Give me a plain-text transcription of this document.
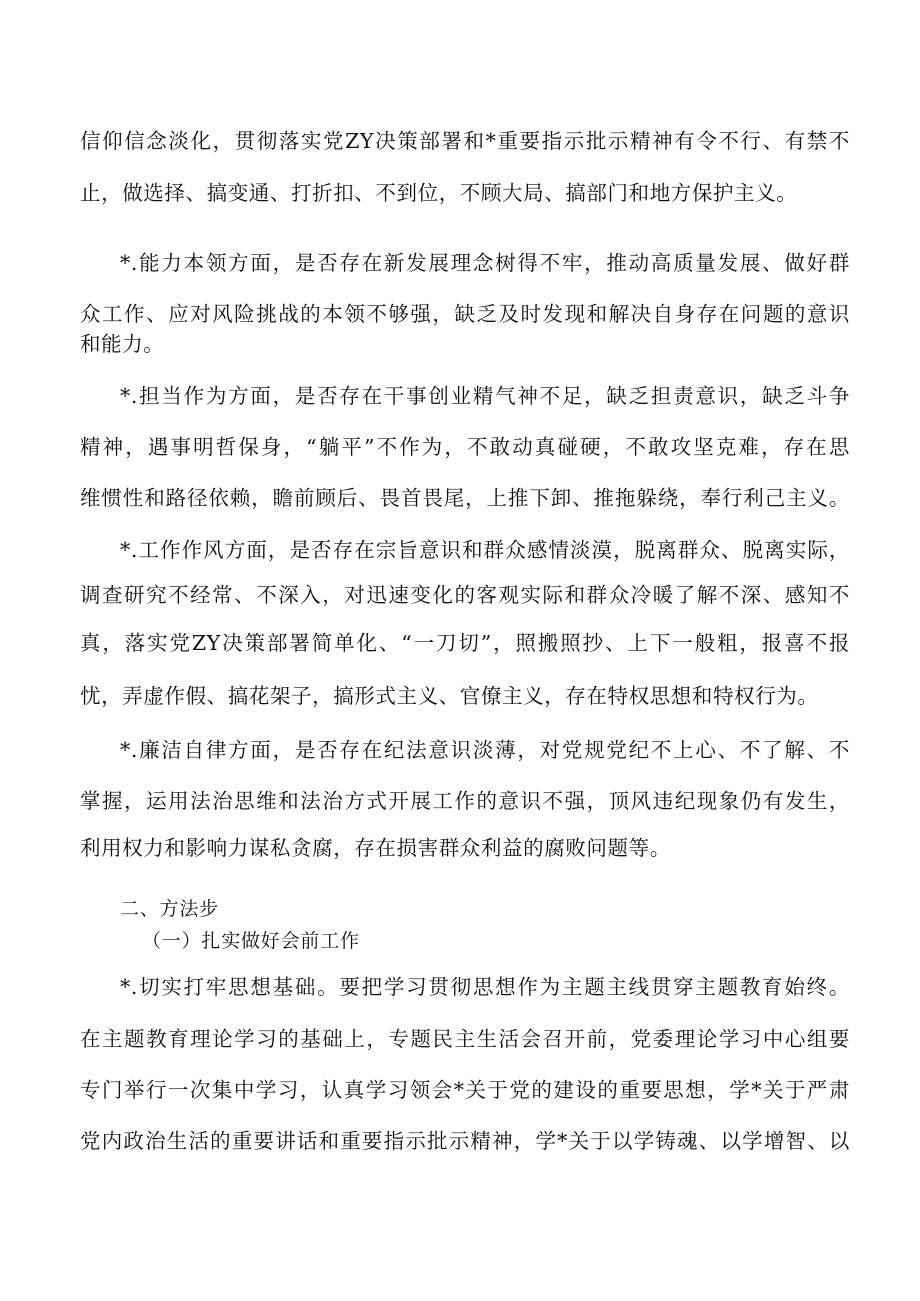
信仰信念淡化，贯彻落实党ZY决策部署和*重要指示批示精神有令不行、有禁不
止，做选择、搞变通、打折扣、不到位，不顾大局、搞部门和地方保护主义。
*.能力本领方面，是否存在新发展理念树得不牢，推动高质量发展、做好群
众工作、应对风险挑战的本领不够强，缺乏及时发现和解决自身存在问题的意识
和能力。
*.担当作为方面，是否存在干事创业精气神不足，缺乏担责意识，缺乏斗争
精神，遇事明哲保身，“躺平”不作为，不敢动真碰硬，不敢攻坚克难，存在思
维惯性和路径依赖，瞻前顾后、畏首畏尾，上推下卸、推拖躲绕，奉行利己主义。
*.工作作风方面，是否存在宗旨意识和群众感情淡漠，脱离群众、脱离实际，
调查研究不经常、不深入，对迅速变化的客观实际和群众冷暖了解不深、感知不
真，落实党ZY决策部署简单化、“一刀切”，照搬照抄、上下一般粗，报喜不报
忧，弄虚作假、搞花架子，搞形式主义、官僚主义，存在特权思想和特权行为。
*.廉洁自律方面，是否存在纪法意识淡薄，对党规党纪不上心、不了解、不
掌握，运用法治思维和法治方式开展工作的意识不强，顶风违纪现象仍有发生，
利用权力和影响力谋私贪腐，存在损害群众利益的腐败问题等。
二、方法步
（一）扎实做好会前工作
*.切实打牢思想基础。要把学习贯彻思想作为主题主线贯穿主题教育始终。
在主题教育理论学习的基础上，专题民主生活会召开前，党委理论学习中心组要
专门举行一次集中学习，认真学习领会*关于党的建设的重要思想，学*关于严肃
党内政治生活的重要讲话和重要指示批示精神，学*关于以学铸魂、以学增智、以
